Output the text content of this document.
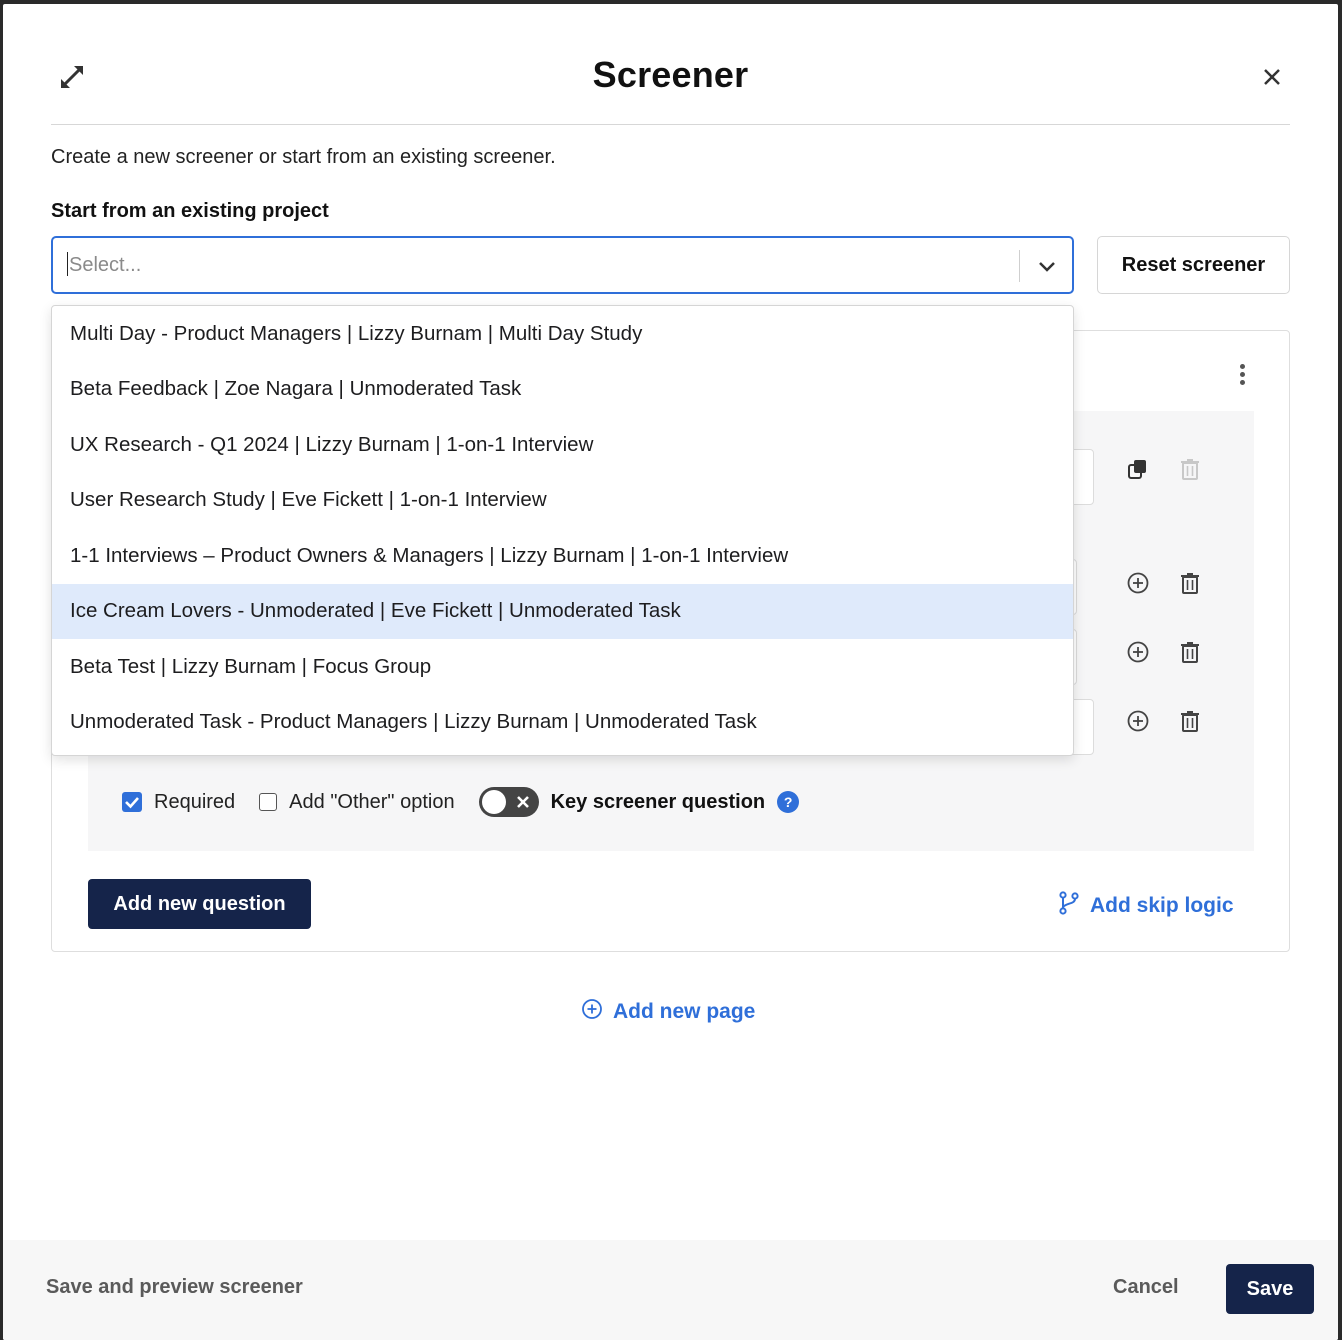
Screener
Create a new screener or start from an existing screener.
Start from an existing project
Select...	Reset screener
Required	Add "Other" option	Key screener question	?
Add new question	Add skip logic
Add new page
Multi Day - Product Managers | Lizzy Burnam | Multi Day Study
Beta Feedback | Zoe Nagara | Unmoderated Task
UX Research - Q1 2024 | Lizzy Burnam | 1-on-1 Interview
User Research Study | Eve Fickett | 1-on-1 Interview
1-1 Interviews – Product Owners & Managers | Lizzy Burnam | 1-on-1 Interview
Ice Cream Lovers - Unmoderated | Eve Fickett | Unmoderated Task
Beta Test | Lizzy Burnam | Focus Group
Unmoderated Task - Product Managers | Lizzy Burnam | Unmoderated Task
Save and preview screener	Cancel	Save
